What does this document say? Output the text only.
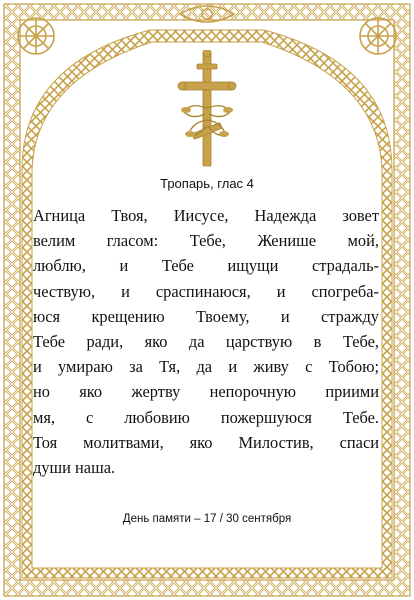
Тропарь, глас 4
Агница Твоя, Иисусе, Надежда зовет
велим гласом: Тебе, Женише мой,
люблю, и Тебе ищущи страдаль-
чествую, и сраспинаюся, и спогреба-
юся крещению Твоему, и стражду
Тебе ради, яко да царствую в Тебе,
и умираю за Тя, да и живу с Тобою;
но яко жертву непорочную приими
мя, с любовию пожершуюся Тебе.
Тоя молитвами, яко Милостив, спаси
души наша.
День памяти – 17 / 30 сентября
